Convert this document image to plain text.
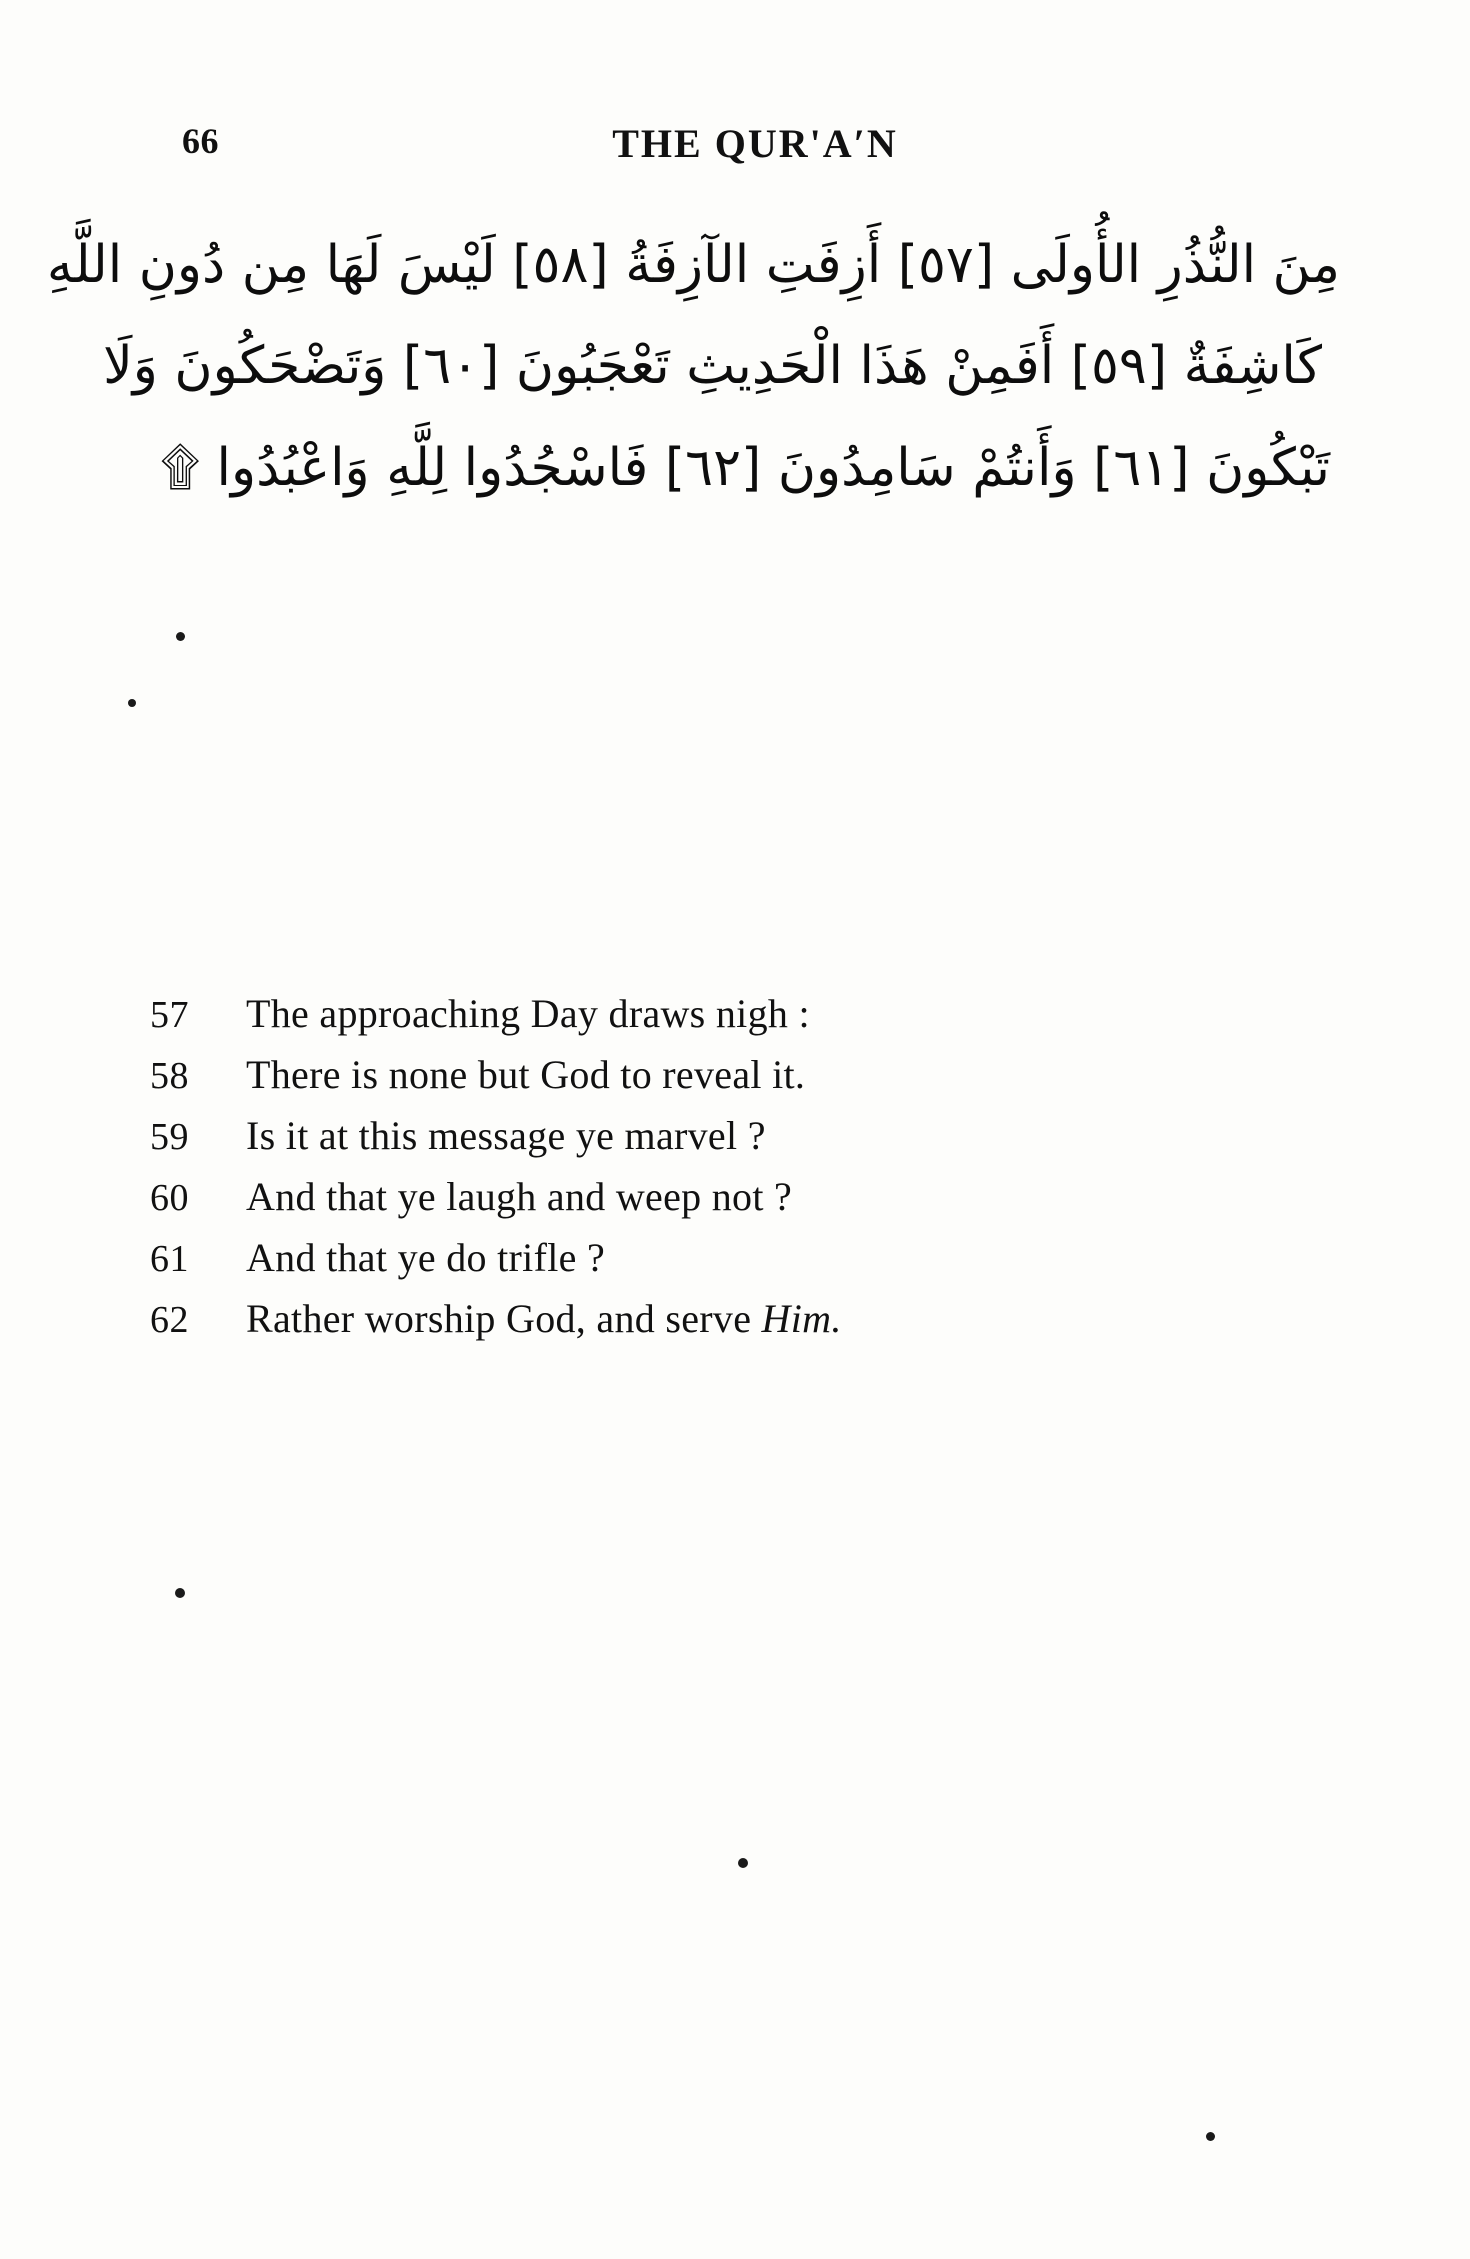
66	THE QUR'A′N
مِنَ النُّذُرِ الأُولَى [٥٧] أَزِفَتِ الآزِفَةُ [٥٨] لَيْسَ لَهَا مِن دُونِ اللَّهِ
كَاشِفَةٌ [٥٩] أَفَمِنْ هَذَا الْحَدِيثِ تَعْجَبُونَ [٦٠] وَتَضْحَكُونَ وَلَا
تَبْكُونَ [٦١] وَأَنتُمْ سَامِدُونَ [٦٢] فَاسْجُدُوا لِلَّهِ وَاعْبُدُوا ۩
57	The approaching Day draws nigh :
58	There is none but God to reveal it.
59	Is it at this message ye marvel ?
60	And that ye laugh and weep not ?
61	And that ye do trifle ?
62	Rather worship God, and serve Him.
